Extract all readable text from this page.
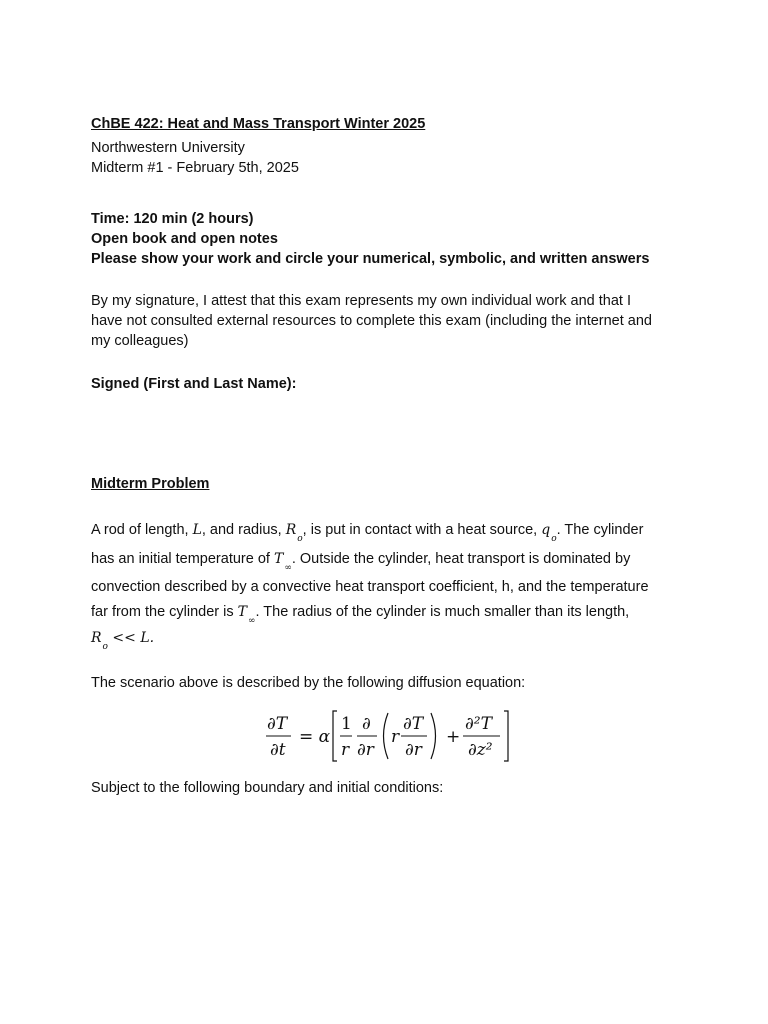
ChBE 422: Heat and Mass Transport Winter 2025

Northwestern University
Midterm #1 - February 5th, 2025

Time: 120 min (2 hours)
Open book and open notes
Please show your work and circle your numerical, symbolic, and written answers

By my signature, I attest that this exam represents my own individual work and that I
have not consulted external resources to complete this exam (including the internet and
my colleagues)

Signed (First and Last Name):

Midterm Problem

A rod of length, L, and radius, $R_o$, is put in contact with a heat source, $q_o$. The cylinder
has an initial temperature of $T_\infty$. Outside the cylinder, heat transport is dominated by
convection described by a convective heat transport coefficient, h, and the temperature
far from the cylinder is $T_\infty$. The radius of the cylinder is much smaller than its length,
$R_o << L$.

The scenario above is described by the following diffusion equation:

∂T
∂t
= α
1
r
∂
∂r
r
∂T
∂r
+
∂²T
∂z²

Subject to the following boundary and initial conditions:
